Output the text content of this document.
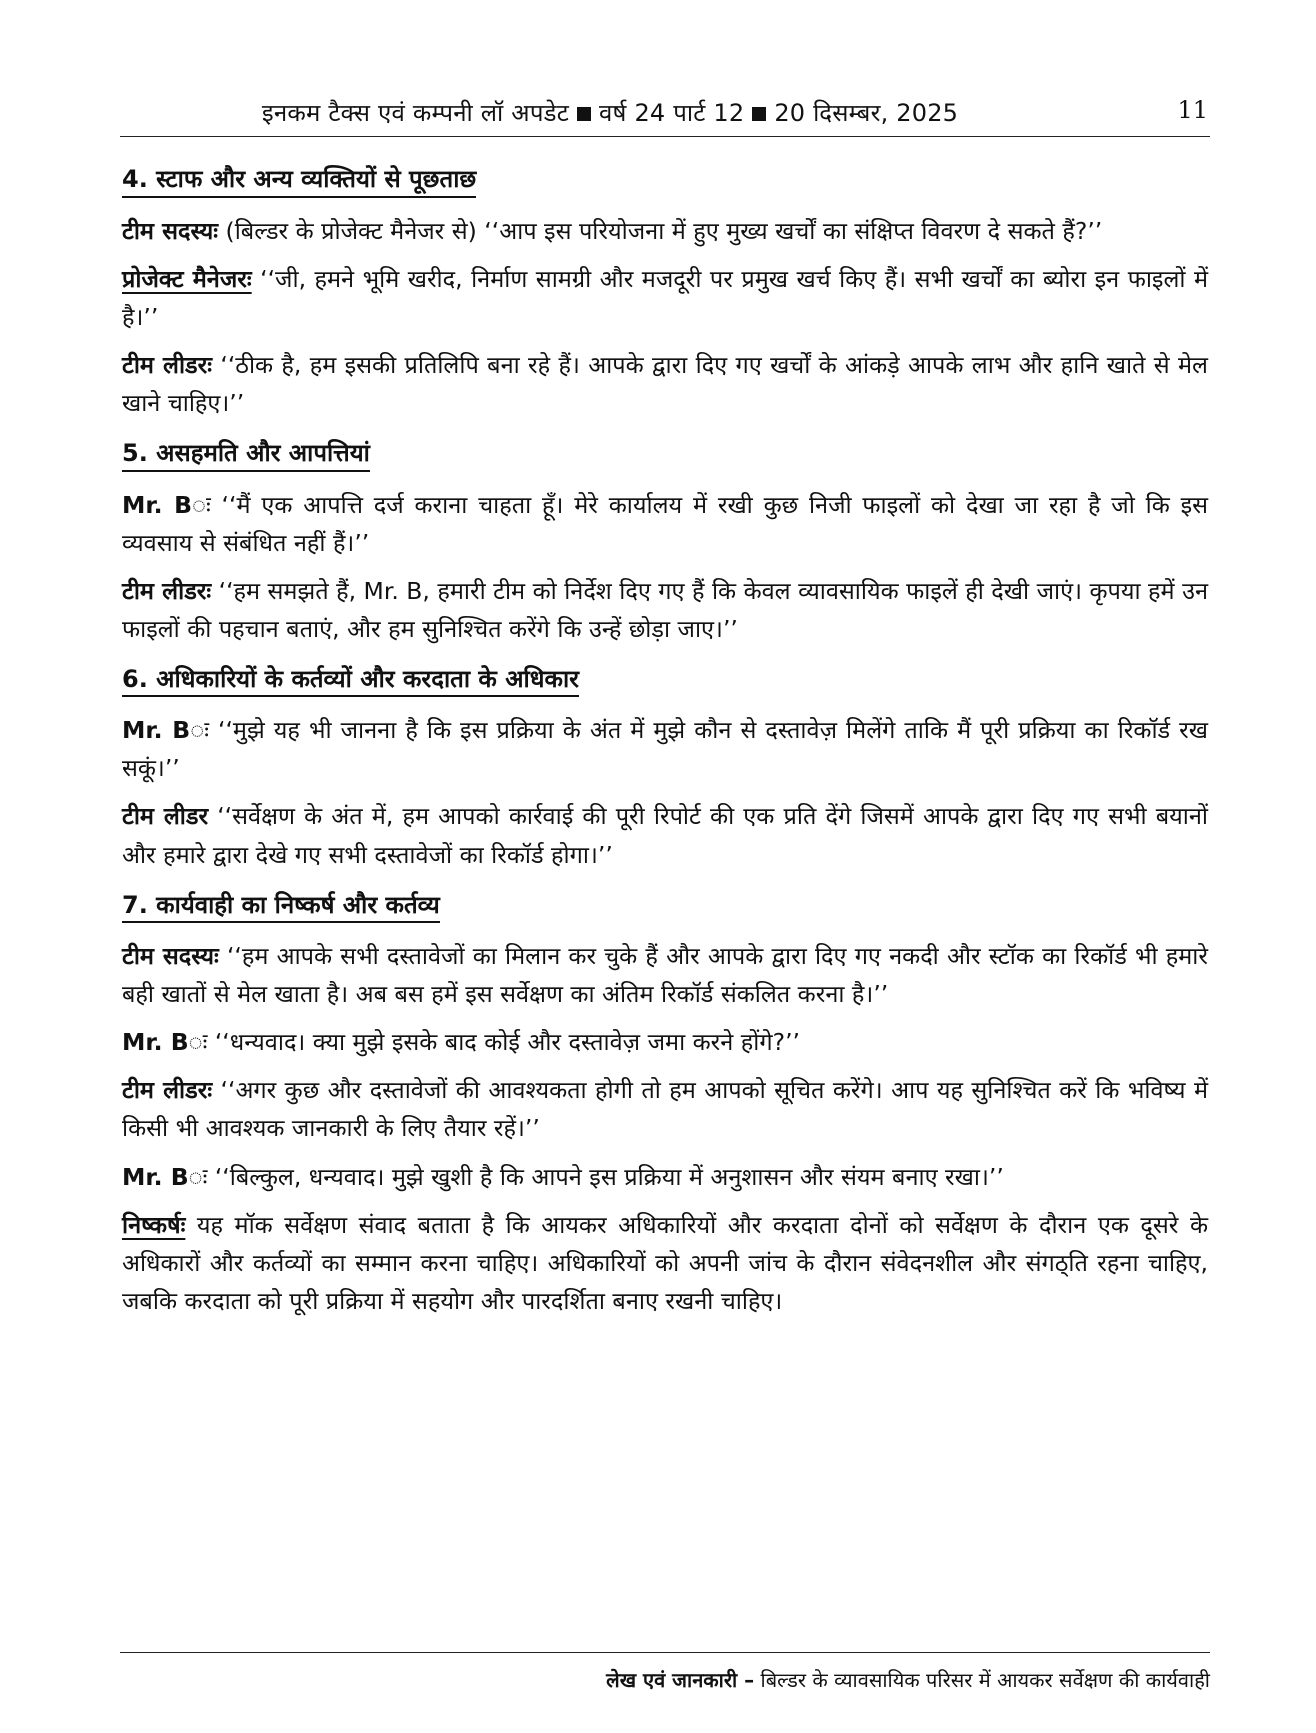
इनकम टैक्स एवं कम्पनी लॉ अपडेट वर्ष 24 पार्ट 12 20 दिसम्बर, 2025	11
4. स्टाफ और अन्य व्यक्तियों से पूछताछ

टीम सदस्यः (बिल्डर के प्रोजेक्ट मैनेजर से) ‘‘आप इस परियोजना में हुए मुख्य खर्चों का संक्षिप्त विवरण दे सकते हैं?’’

प्रोजेक्ट मैनेजरः ‘‘जी, हमने भूमि खरीद, निर्माण सामग्री और मजदूरी पर प्रमुख खर्च किए हैं। सभी खर्चों का ब्योरा इन फाइलों में है।’’

टीम लीडरः ‘‘ठीक है, हम इसकी प्रतिलिपि बना रहे हैं। आपके द्वारा दिए गए खर्चों के आंकड़े आपके लाभ और हानि खाते से मेल खाने चाहिए।’’

5. असहमति और आपत्तियां

Mr. Bः ‘‘मैं एक आपत्ति दर्ज कराना चाहता हूँ। मेरे कार्यालय में रखी कुछ निजी फाइलों को देखा जा रहा है जो कि इस व्यवसाय से संबंधित नहीं हैं।’’

टीम लीडरः ‘‘हम समझते हैं, Mr. B, हमारी टीम को निर्देश दिए गए हैं कि केवल व्यावसायिक फाइलें ही देखी जाएं। कृपया हमें उन फाइलों की पहचान बताएं, और हम सुनिश्चित करेंगे कि उन्हें छोड़ा जाए।’’

6. अधिकारियों के कर्तव्यों और करदाता के अधिकार

Mr. Bः ‘‘मुझे यह भी जानना है कि इस प्रक्रिया के अंत में मुझे कौन से दस्तावेज़ मिलेंगे ताकि मैं पूरी प्रक्रिया का रिकॉर्ड रख सकूं।’’

टीम लीडर ‘‘सर्वेक्षण के अंत में, हम आपको कार्रवाई की पूरी रिपोर्ट की एक प्रति देंगे जिसमें आपके द्वारा दिए गए सभी बयानों और हमारे द्वारा देखे गए सभी दस्तावेजों का रिकॉर्ड होगा।’’

7. कार्यवाही का निष्कर्ष और कर्तव्य

टीम सदस्यः ‘‘हम आपके सभी दस्तावेजों का मिलान कर चुके हैं और आपके द्वारा दिए गए नकदी और स्टॉक का रिकॉर्ड भी हमारे बही खातों से मेल खाता है। अब बस हमें इस सर्वेक्षण का अंतिम रिकॉर्ड संकलित करना है।’’

Mr. Bः ‘‘धन्यवाद। क्या मुझे इसके बाद कोई और दस्तावेज़ जमा करने होंगे?’’

टीम लीडरः ‘‘अगर कुछ और दस्तावेजों की आवश्यकता होगी तो हम आपको सूचित करेंगे। आप यह सुनिश्चित करें कि भविष्य में किसी भी आवश्यक जानकारी के लिए तैयार रहें।’’

Mr. Bः ‘‘बिल्कुल, धन्यवाद। मुझे खुशी है कि आपने इस प्रक्रिया में अनुशासन और संयम बनाए रखा।’’

निष्कर्षः यह मॉक सर्वेक्षण संवाद बताता है कि आयकर अधिकारियों और करदाता दोनों को सर्वेक्षण के दौरान एक दूसरे के अधिकारों और कर्तव्यों का सम्मान करना चाहिए। अधिकारियों को अपनी जांच के दौरान संवेदनशील और संगठ्ति रहना चाहिए, जबकि करदाता को पूरी प्रक्रिया में सहयोग और पारदर्शिता बनाए रखनी चाहिए।

लेख एवं जानकारी – बिल्डर के व्यावसायिक परिसर में आयकर सर्वेक्षण की कार्यवाही
